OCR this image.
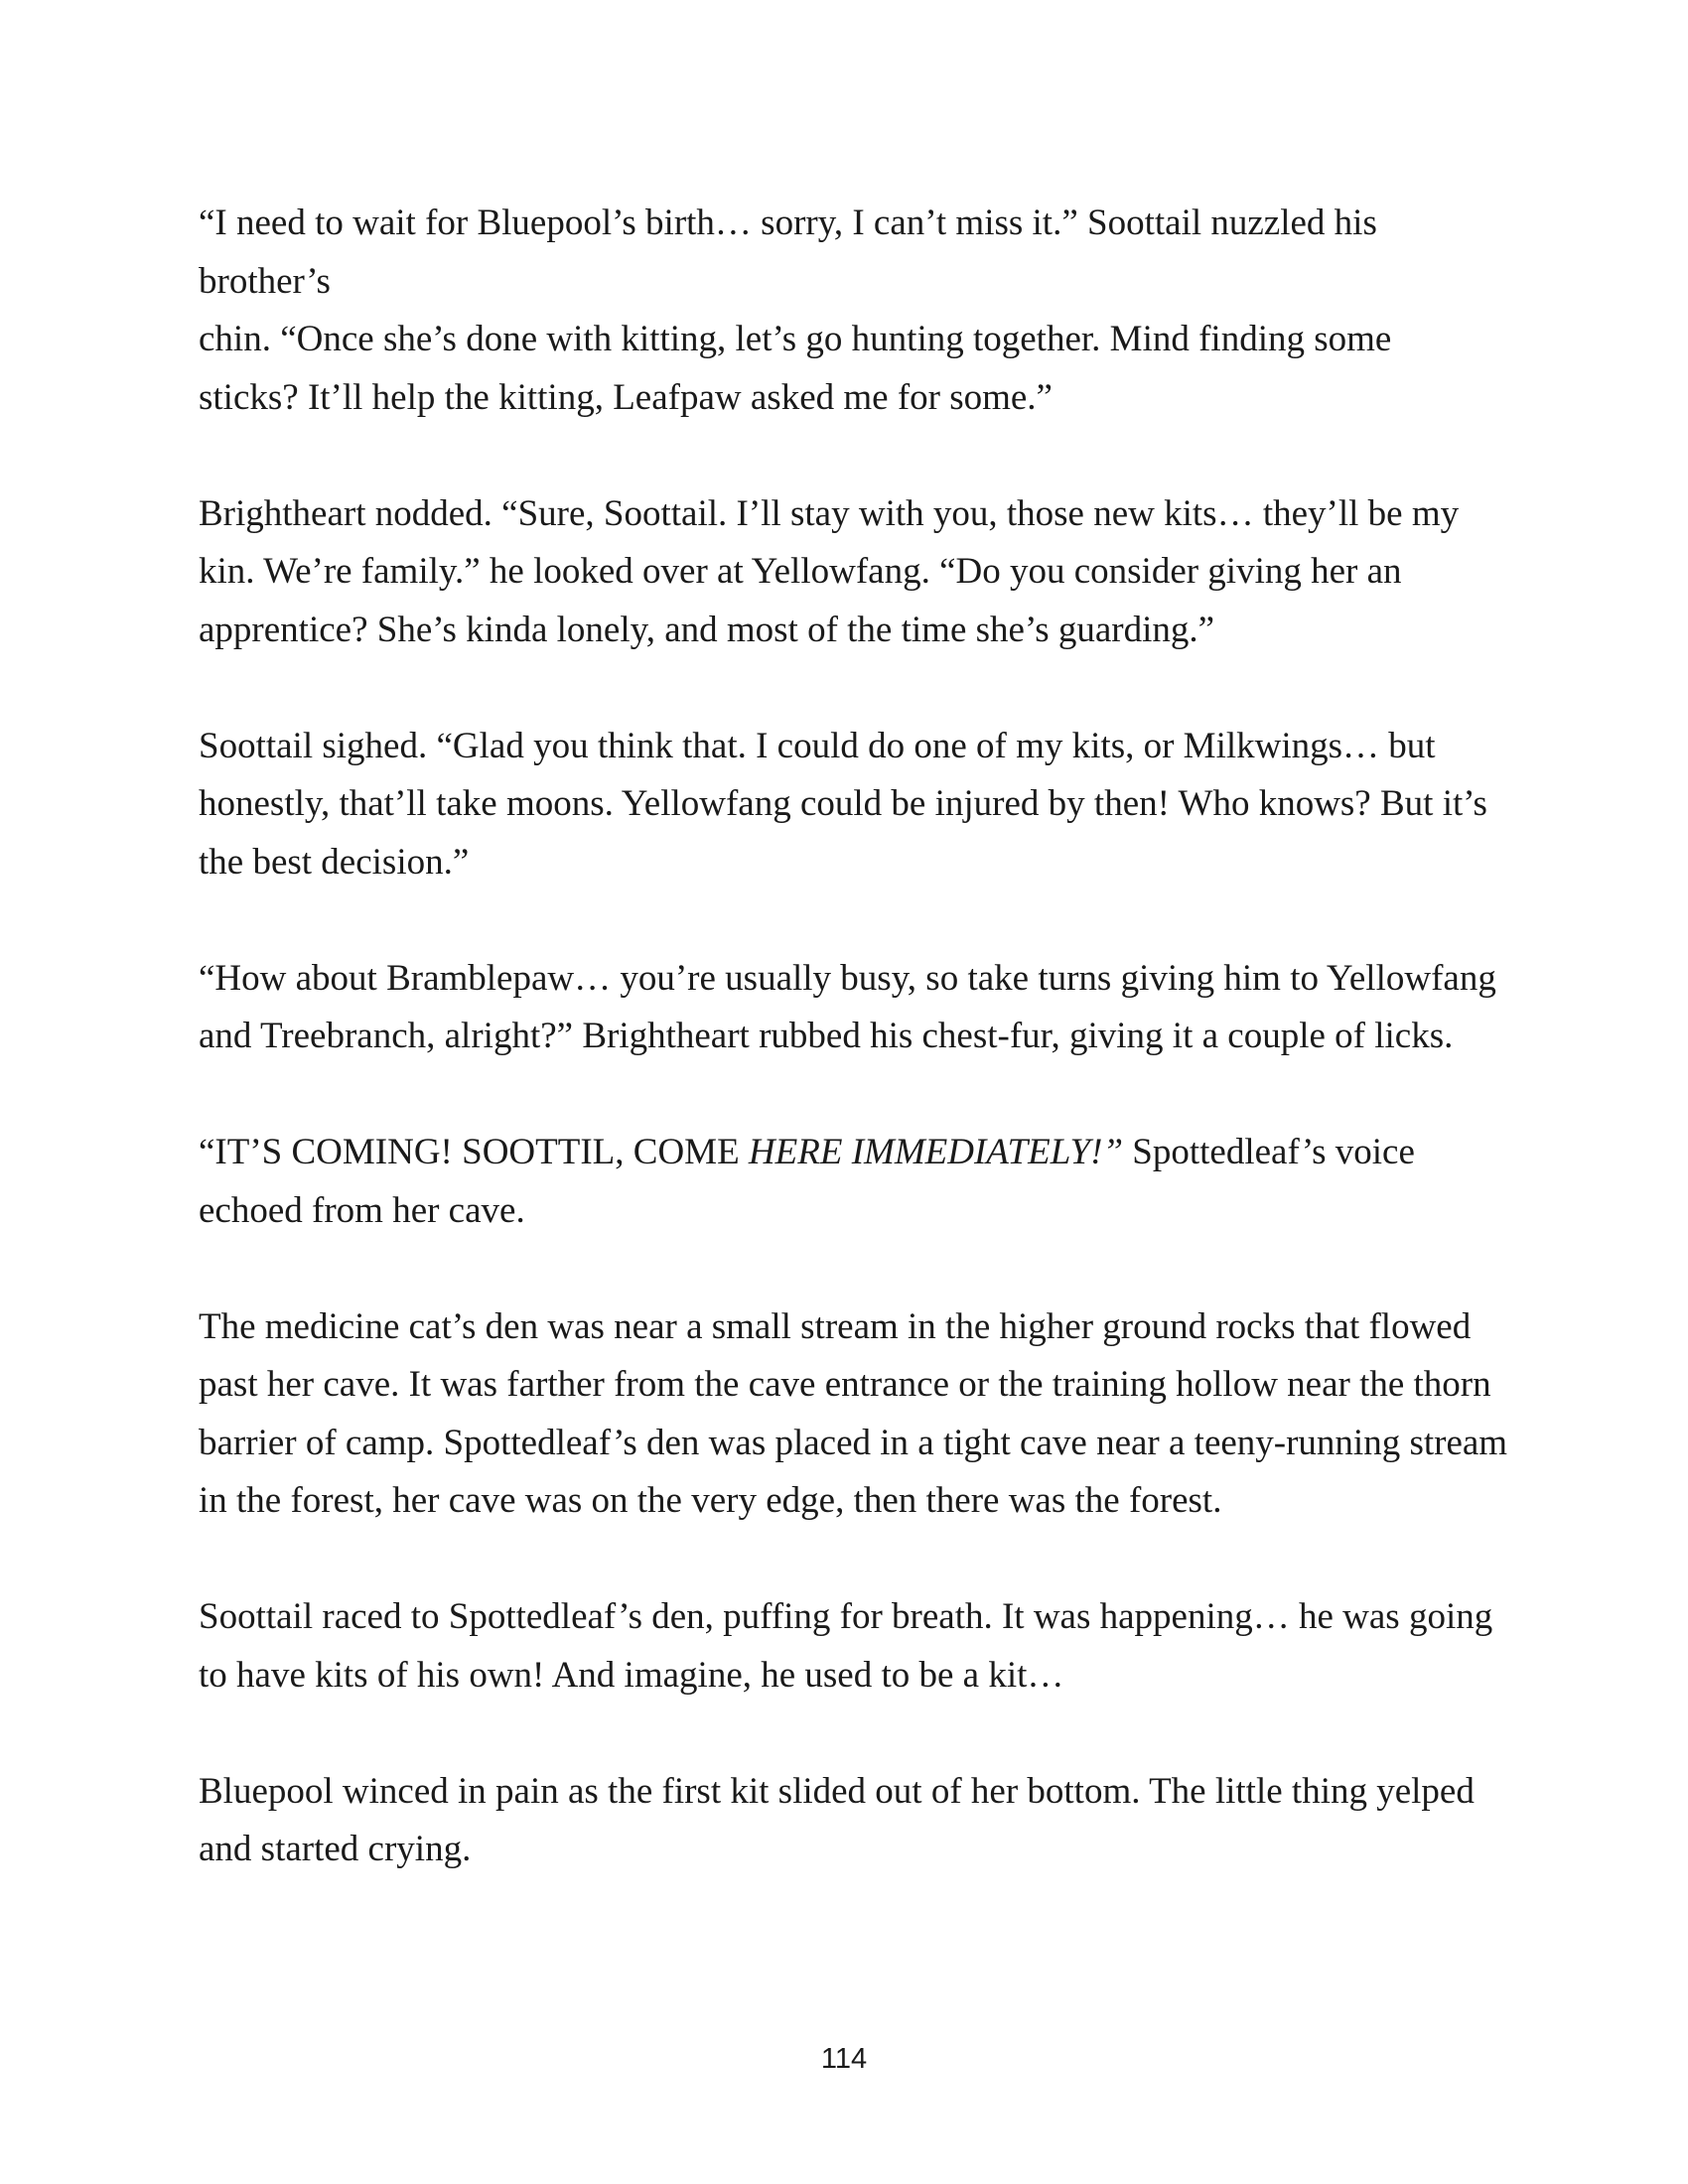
“I need to wait for Bluepool’s birth… sorry, I can’t miss it.” Soottail nuzzled his brother’s
chin. “Once she’s done with kitting, let’s go hunting together. Mind finding some
sticks? It’ll help the kitting, Leafpaw asked me for some.”

Brightheart nodded. “Sure, Soottail. I’ll stay with you, those new kits… they’ll be my
kin. We’re family.” he looked over at Yellowfang. “Do you consider giving her an
apprentice? She’s kinda lonely, and most of the time she’s guarding.”

Soottail sighed. “Glad you think that. I could do one of my kits, or Milkwings… but
honestly, that’ll take moons. Yellowfang could be injured by then! Who knows? But it’s
the best decision.”

“How about Bramblepaw… you’re usually busy, so take turns giving him to Yellowfang
and Treebranch, alright?” Brightheart rubbed his chest-fur, giving it a couple of licks.

“IT’S COMING! SOOTTIL, COME HERE IMMEDIATELY!” Spottedleaf’s voice
echoed from her cave.

The medicine cat’s den was near a small stream in the higher ground rocks that flowed
past her cave. It was farther from the cave entrance or the training hollow near the thorn
barrier of camp. Spottedleaf’s den was placed in a tight cave near a teeny-running stream
in the forest, her cave was on the very edge, then there was the forest.

Soottail raced to Spottedleaf’s den, puffing for breath. It was happening… he was going
to have kits of his own! And imagine, he used to be a kit…

Bluepool winced in pain as the first kit slided out of her bottom. The little thing yelped
and started crying.

114
